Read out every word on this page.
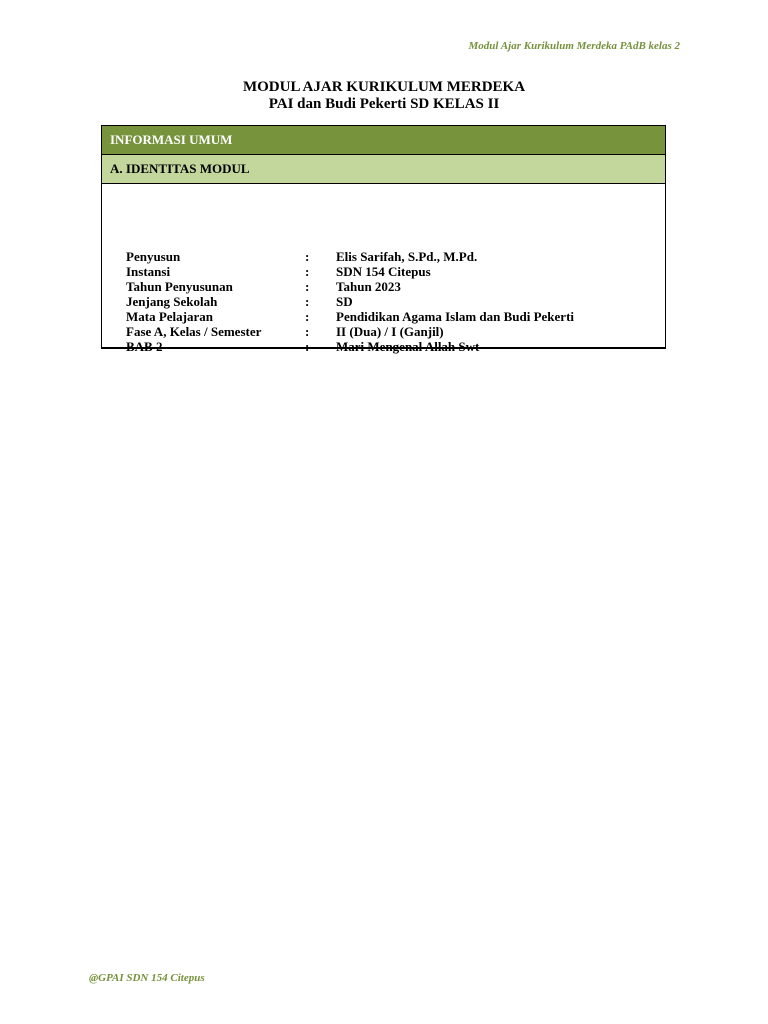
Modul Ajar Kurikulum Merdeka PAdB kelas 2
MODUL AJAR KURIKULUM MERDEKA
PAI dan Budi Pekerti SD KELAS II
INFORMASI UMUM
A. IDENTITAS MODUL
Penyusun	: Elis Sarifah, S.Pd., M.Pd.
Instansi	: SDN 154 Citepus
Tahun Penyusunan	: Tahun 2023
Jenjang Sekolah	: SD
Mata Pelajaran	: Pendidikan Agama Islam dan Budi Pekerti
Fase A, Kelas / Semester	: II (Dua) / I (Ganjil)
BAB 2	: Mari Mengenal Allah Swt
@GPAI SDN 154 Citepus
